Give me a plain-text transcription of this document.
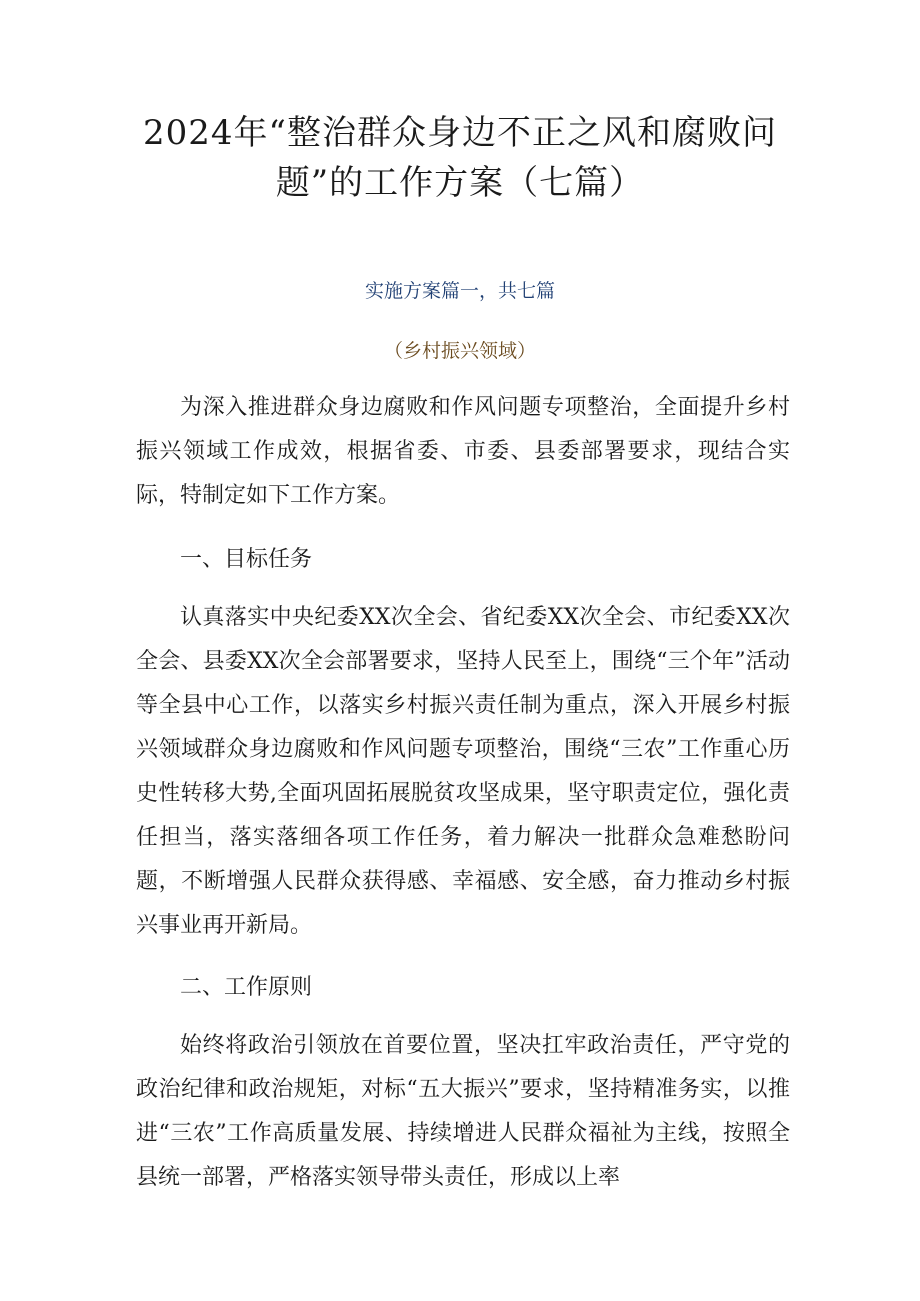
2024年“整治群众身边不正之风和腐败问
题”的工作方案（七篇）
实施方案篇一，共七篇
（乡村振兴领域）
为深入推进群众身边腐败和作风问题专项整治，全面提升乡村振兴领域工作成效，根据省委、市委、县委部署要求，现结合实际，特制定如下工作方案。
一、目标任务
认真落实中央纪委XX次全会、省纪委XX次全会、市纪委XX次全会、县委XX次全会部署要求，坚持人民至上，围绕“三个年”活动等全县中心工作，以落实乡村振兴责任制为重点，深入开展乡村振兴领域群众身边腐败和作风问题专项整治，围绕“三农”工作重心历史性转移大势,全面巩固拓展脱贫攻坚成果，坚守职责定位，强化责任担当，落实落细各项工作任务，着力解决一批群众急难愁盼问题，不断增强人民群众获得感、幸福感、安全感，奋力推动乡村振兴事业再开新局。
二、工作原则
始终将政治引领放在首要位置，坚决扛牢政治责任，严守党的政治纪律和政治规矩，对标“五大振兴”要求，坚持精准务实，以推进“三农”工作高质量发展、持续增进人民群众福祉为主线，按照全县统一部署，严格落实领导带头责任，形成以上率
